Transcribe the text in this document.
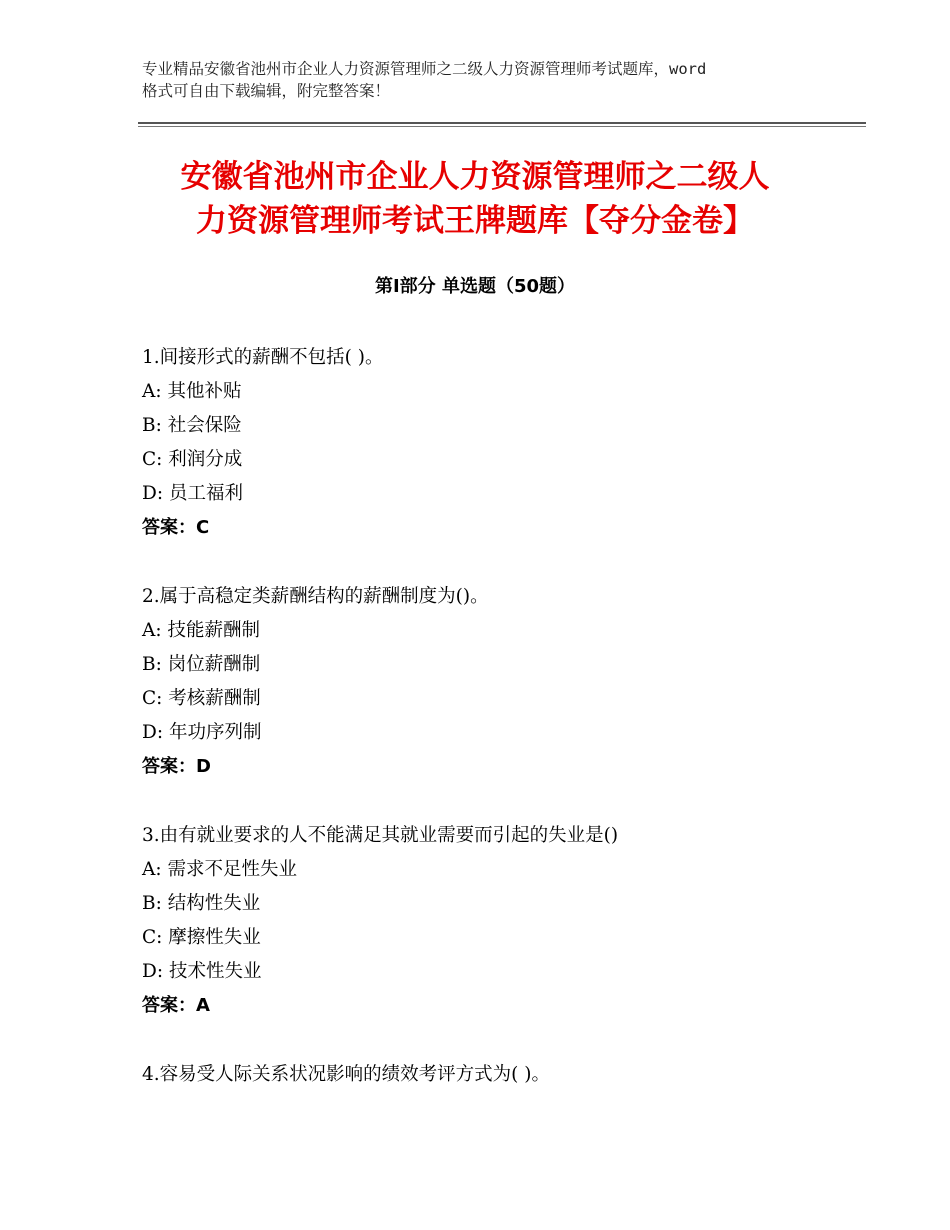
专业精品安徽省池州市企业人力资源管理师之二级人力资源管理师考试题库，word
格式可自由下载编辑，附完整答案！
安徽省池州市企业人力资源管理师之二级人
力资源管理师考试王牌题库【夺分金卷】
第Ⅰ部分 单选题（50题）
1.间接形式的薪酬不包括( )。
A: 其他补贴
B: 社会保险
C: 利润分成
D: 员工福利
答案：C
2.属于高稳定类薪酬结构的薪酬制度为()。
A: 技能薪酬制
B: 岗位薪酬制
C: 考核薪酬制
D: 年功序列制
答案：D
3.由有就业要求的人不能满足其就业需要而引起的失业是()
A: 需求不足性失业
B: 结构性失业
C: 摩擦性失业
D: 技术性失业
答案：A
4.容易受人际关系状况影响的绩效考评方式为( )。
